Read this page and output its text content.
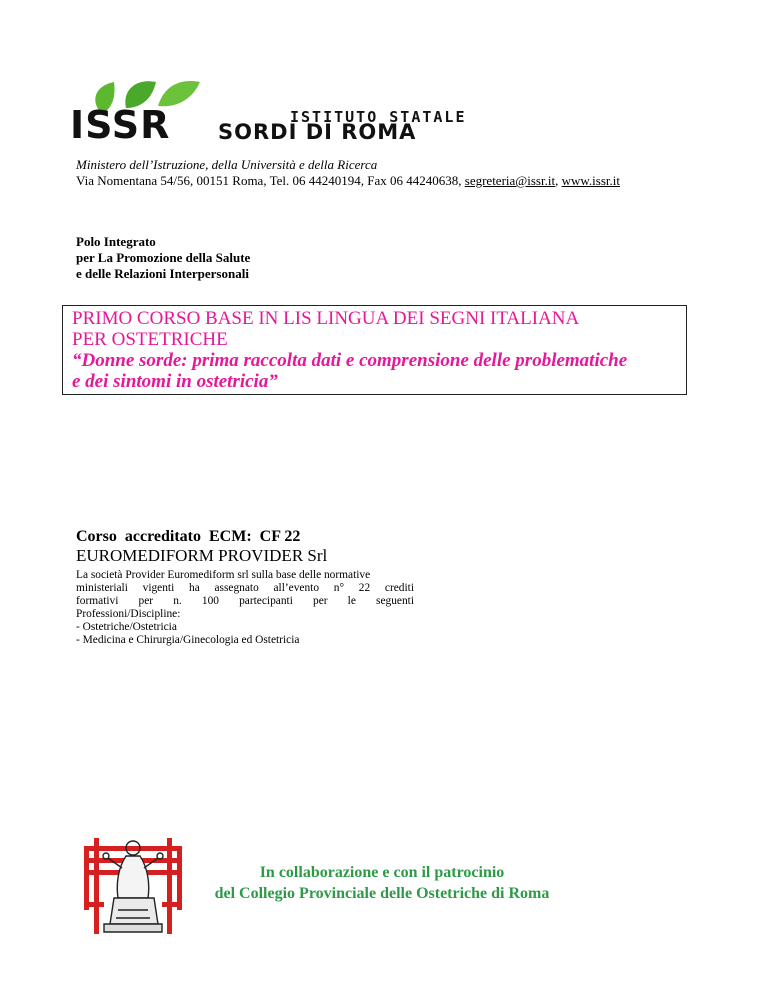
ISSR	ISTITUTO STATALE
SORDI DI ROMA
Ministero dell’Istruzione, della Università e della Ricerca
Via Nomentana 54/56, 00151 Roma, Tel. 06 44240194, Fax 06 44240638, segreteria@issr.it, www.issr.it
Polo Integrato
per La Promozione della Salute
e delle Relazioni Interpersonali
PRIMO CORSO BASE IN LIS LINGUA DEI SEGNI ITALIANA
PER OSTETRICHE
“Donne sorde: prima raccolta dati e comprensione delle problematiche
e dei sintomi in ostetricia”
Corso  accreditato  ECM:  CF 22
EUROMEDIFORM PROVIDER Srl
La società Provider Euromediform srl sulla base delle normative
ministeriali vigenti ha assegnato all’evento n° 22 crediti
formativi per n. 100 partecipanti per le seguenti
Professioni/Discipline:
- Ostetriche/Ostetricia
- Medicina e Chirurgia/Ginecologia ed Ostetricia
In collaborazione e con il patrocinio
del Collegio Provinciale delle Ostetriche di Roma
